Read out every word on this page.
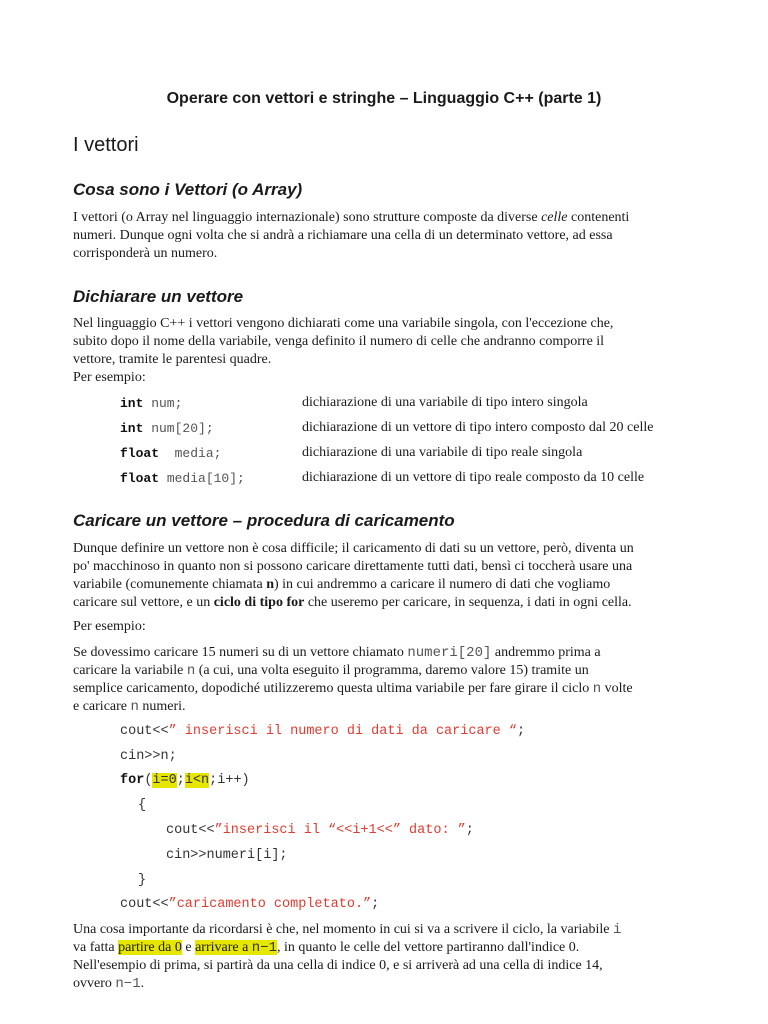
Operare con vettori e stringhe – Linguaggio C++ (parte 1)
I vettori
Cosa sono i Vettori (o Array)
I vettori (o Array nel linguaggio internazionale) sono strutture composte da diverse celle contenenti
numeri. Dunque ogni volta che si andrà a richiamare una cella di un determinato vettore, ad essa
corrisponderà un numero.
Dichiarare un vettore
Nel linguaggio C++ i vettori vengono dichiarati come una variabile singola, con l'eccezione che,
subito dopo il nome della variabile, venga definito il numero di celle che andranno comporre il
vettore, tramite le parentesi quadre.
Per esempio:
int num;	dichiarazione di una variabile di tipo intero singola
int num[20];	dichiarazione di un vettore di tipo intero composto dal 20 celle
float  media;	dichiarazione di una variabile di tipo reale singola
float media[10];	dichiarazione di un vettore di tipo reale composto da 10 celle
Caricare un vettore – procedura di caricamento
Dunque definire un vettore non è cosa difficile; il caricamento di dati su un vettore, però, diventa un
po' macchinoso in quanto non si possono caricare direttamente tutti dati, bensì ci toccherà usare una
variabile (comunemente chiamata n) in cui andremmo a caricare il numero di dati che vogliamo
caricare sul vettore, e un ciclo di tipo for che useremo per caricare, in sequenza, i dati in ogni cella.
Per esempio:
Se dovessimo caricare 15 numeri su di un vettore chiamato numeri[20] andremmo prima a
caricare la variabile n (a cui, una volta eseguito il programma, daremo valore 15) tramite un
semplice caricamento, dopodiché utilizzeremo questa ultima variabile per fare girare il ciclo n volte
e caricare n numeri.
cout<<” inserisci il numero di dati da caricare “;
cin>>n;
for(i=0;i<n;i++)
{
cout<<”inserisci il “<<i+1<<” dato: ”;
cin>>numeri[i];
}
cout<<”caricamento completato.”;
Una cosa importante da ricordarsi è che, nel momento in cui si va a scrivere il ciclo, la variabile i
va fatta partire da 0 e arrivare a n−1, in quanto le celle del vettore partiranno dall'indice 0.
Nell'esempio di prima, si partirà da una cella di indice 0, e si arriverà ad una cella di indice 14,
ovvero n−1.
